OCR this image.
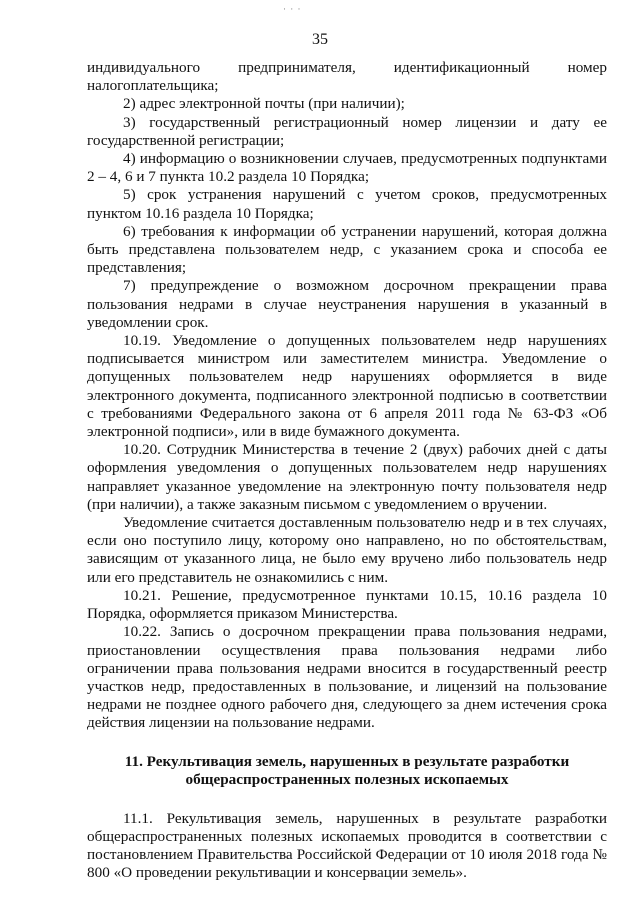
· · ·
35

индивидуального предпринимателя, идентификационный номер налогоплательщика;

2) адрес электронной почты (при наличии);

3) государственный регистрационный номер лицензии и дату ее государственной регистрации;

4) информацию о возникновении случаев, предусмотренных подпунктами 2 – 4, 6 и 7 пункта 10.2 раздела 10 Порядка;

5) срок устранения нарушений с учетом сроков, предусмотренных пунктом 10.16 раздела 10 Порядка;

6) требования к информации об устранении нарушений, которая должна быть представлена пользователем недр, с указанием срока и способа ее представления;

7) предупреждение о возможном досрочном прекращении права пользования недрами в случае неустранения нарушения в указанный в уведомлении срок.

10.19. Уведомление о допущенных пользователем недр нарушениях подписывается министром или заместителем министра. Уведомление о допущенных пользователем недр нарушениях оформляется в виде электронного документа, подписанного электронной подписью в соответствии с требованиями Федерального закона от 6 апреля 2011 года № 63-ФЗ «Об электронной подписи», или в виде бумажного документа.

10.20. Сотрудник Министерства в течение 2 (двух) рабочих дней с даты оформления уведомления о допущенных пользователем недр нарушениях направляет указанное уведомление на электронную почту пользователя недр (при наличии), а также заказным письмом с уведомлением о вручении.

Уведомление считается доставленным пользователю недр и в тех случаях, если оно поступило лицу, которому оно направлено, но по обстоятельствам, зависящим от указанного лица, не было ему вручено либо пользователь недр или его представитель не ознакомились с ним.

10.21. Решение, предусмотренное пунктами 10.15, 10.16 раздела 10 Порядка, оформляется приказом Министерства.

10.22. Запись о досрочном прекращении права пользования недрами, приостановлении осуществления права пользования недрами либо ограничении права пользования недрами вносится в государственный реестр участков недр, предоставленных в пользование, и лицензий на пользование недрами не позднее одного рабочего дня, следующего за днем истечения срока действия лицензии на пользование недрами.

11. Рекультивация земель, нарушенных в результате разработки

общераспространенных полезных ископаемых

11.1. Рекультивация земель, нарушенных в результате разработки общераспространенных полезных ископаемых проводится в соответствии с постановлением Правительства Российской Федерации от 10 июля 2018 года № 800 «О проведении рекультивации и консервации земель».
